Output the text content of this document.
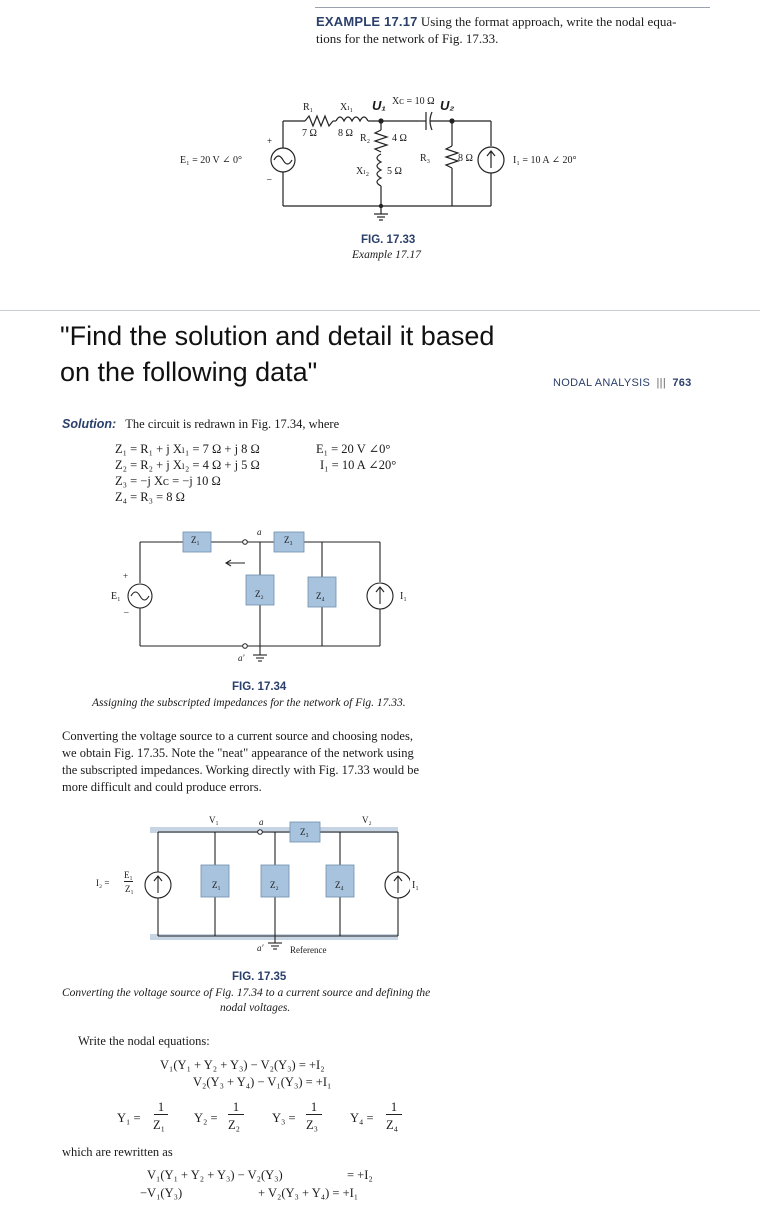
EXAMPLE 17.17 Using the format approach, write the nodal equa-
tions for the network of Fig. 17.33.
+
–
E₁ = 20 V ∠ 0°
R₁
7 Ω
Xₗ₁
8 Ω
U₁ Xᴄ = 10 Ω U₂
R₂ 4 Ω
Xₗ₂ 5 Ω
R₃	8 Ω	I₁ = 10 A ∠ 20°
FIG. 17.33
Example 17.17
"Find the solution and detail it based
on the following data"	NODAL ANALYSIS ||| 763
Solution: The circuit is redrawn in Fig. 17.34, where
Z₁ = R₁ + j Xₗ₁ = 7 Ω + j 8 Ω
Z₂ = R₂ + j Xₗ₂ = 4 Ω + j 5 Ω
Z₃ = −j Xᴄ = −j 10 Ω
Z₄ = R₃ = 8 Ω
E₁ = 20 V ∠0°
I₁ = 10 A ∠20°
Z₁	Z₃
Z₂	Z₄
a
a′
E₁
+
–
I₁
FIG. 17.34
Assigning the subscripted impedances for the network of Fig. 17.33.
Converting the voltage source to a current source and choosing nodes,
we obtain Fig. 17.35. Note the "neat" appearance of the network using
the subscripted impedances. Working directly with Fig. 17.33 would be
more difficult and could produce errors.
V₁	V₂
a
Z₁	Z₂
Z₃
Z₄
I₂ =
E₁
Z₁	I₁
a′	Reference
FIG. 17.35
Converting the voltage source of Fig. 17.34 to a current source and defining the
nodal voltages.
Write the nodal equations:
V₁(Y₁ + Y₂ + Y₃) − V₂(Y₃) = +I₂
V₂(Y₃ + Y₄) − V₁(Y₃) = +I₁
Y₁ =
1
Z₁ Y₂ =
1
Z₂	Y₃ =
1
Z₃	Y₄ =
1
Z₄
which are rewritten as
V₁(Y₁ + Y₂ + Y₃) − V₂(Y₃)	= +I₂
−V₁(Y₃)	+ V₂(Y₃ + Y₄) = +I₁
